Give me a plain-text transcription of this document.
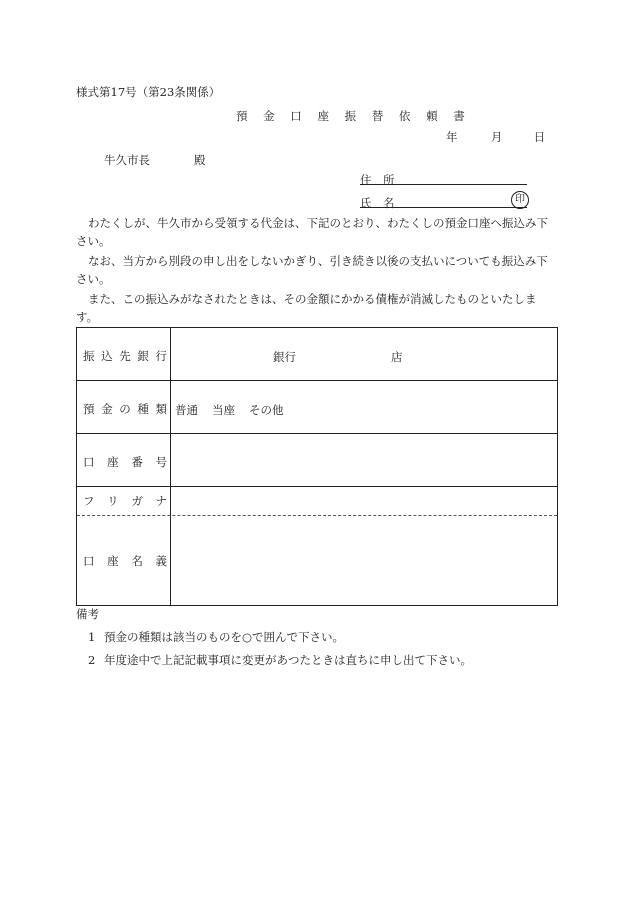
様式第17号（第23条関係）
預 金 口 座 振 替 依 頼 書
年	月	日
牛久市長	殿
住　所
氏　名	印
わたくしが、牛久市から受領する代金は、下記のとおり、わたくしの預金口座へ振込み下さい。
なお、当方から別段の申し出をしないかぎり、引き続き以後の支払いについても振込み下さい。
また、この振込みがなされたときは、その金額にかかる債権が消滅したものといたします。
振 込 先 銀 行	銀行	店
預 金 の 種 類 普通 当座 その他
口 座 番 号
フ リ ガ ナ
口 座 名 義
備考
1 預金の種類は該当のものを○で囲んで下さい。
2 年度途中で上記記載事項に変更があつたときは直ちに申し出て下さい。
